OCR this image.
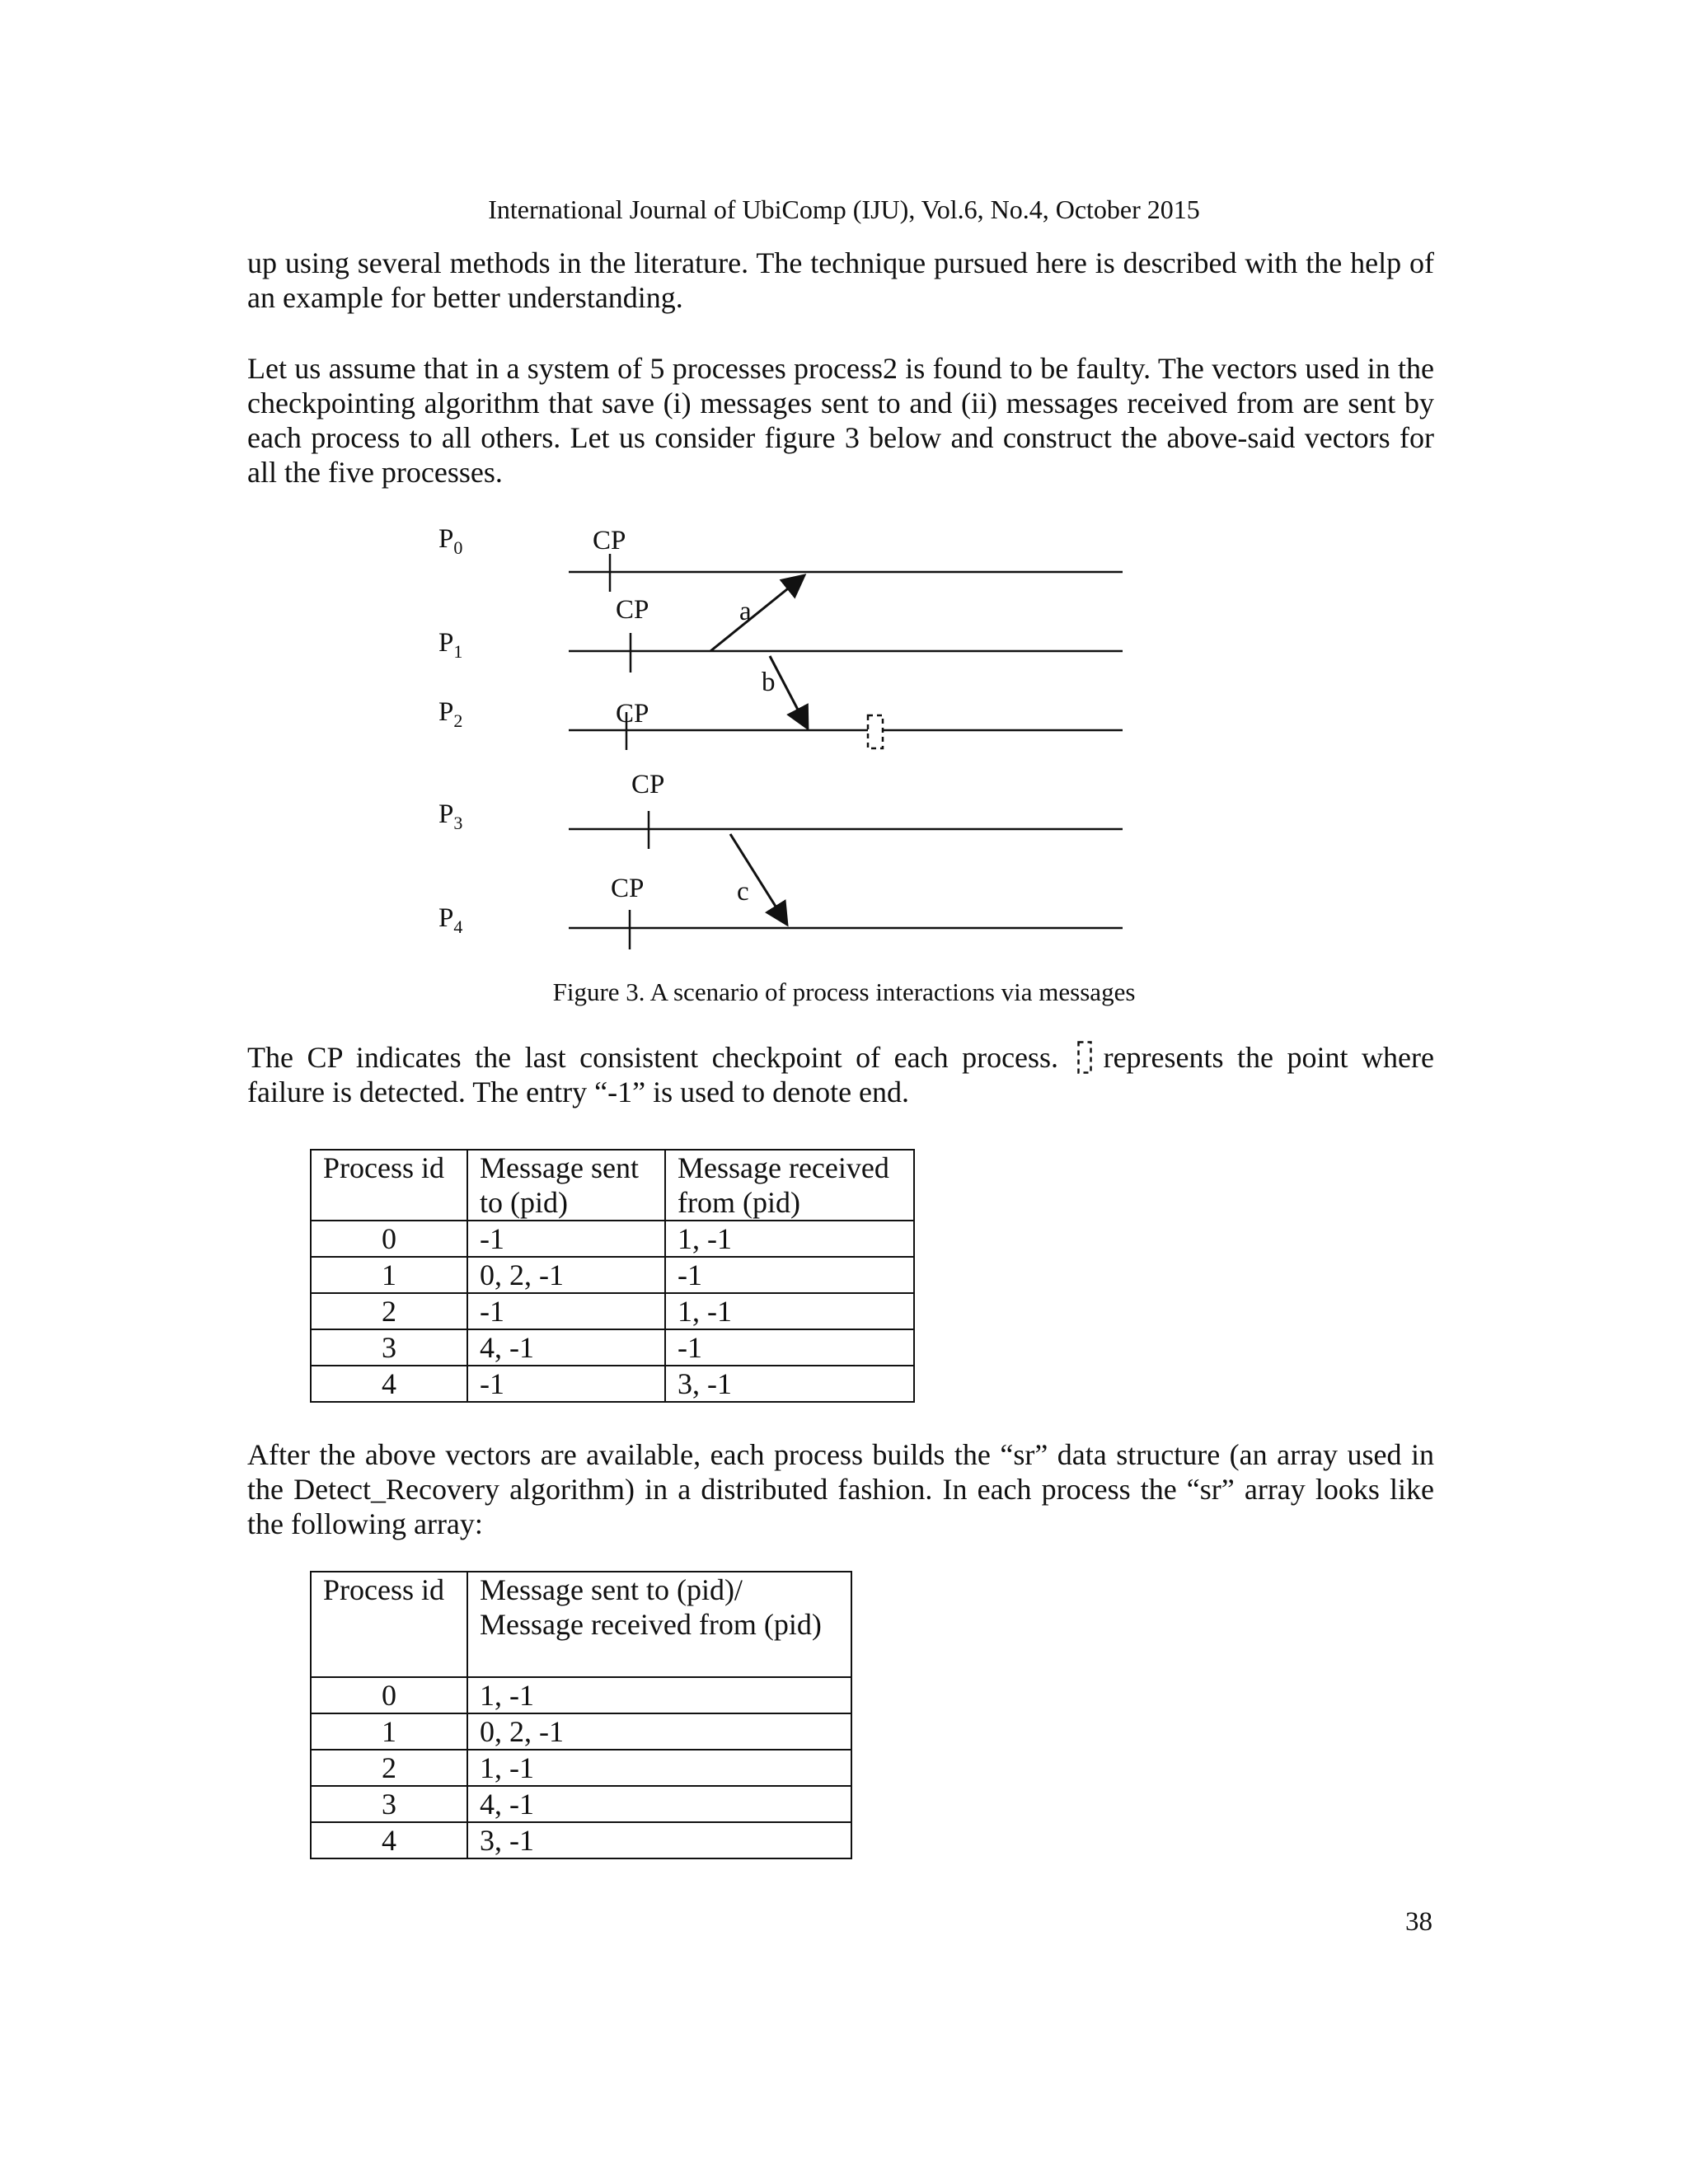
International Journal of UbiComp (IJU), Vol.6, No.4, October 2015

up using several methods in the literature. The technique pursued here is described with the help of an example for better understanding.

Let us assume that in a system of 5 processes process2 is found to be faulty. The vectors used in the checkpointing algorithm that save (i) messages sent to and (ii) messages received from are sent by each process to all others. Let us consider figure 3 below and construct the above-said vectors for all the five processes.

$P_0$
$P_1$
$P_2$
$P_3$
$P_4$
CP
CP
CP
CP
CP
a
b
c
Figure 3. A scenario of process interactions via messages

The CP indicates the last consistent checkpoint of each process. represents the point where failure is detected. The entry “-1” is used to denote end.

Process id	Message sent to (pid)	Message received from (pid)
0	-1	1, -1
1	0, 2, -1	-1
2	-1	1, -1
3	4, -1	-1
4	-1	3, -1

After the above vectors are available, each process builds the “sr” data structure (an array used in the Detect_Recovery algorithm) in a distributed fashion. In each process the “sr” array looks like the following array:

Process id	Message sent to (pid)/ Message received from (pid)
0	1, -1
1	0, 2, -1
2	1, -1
3	4, -1
4	3, -1
38
